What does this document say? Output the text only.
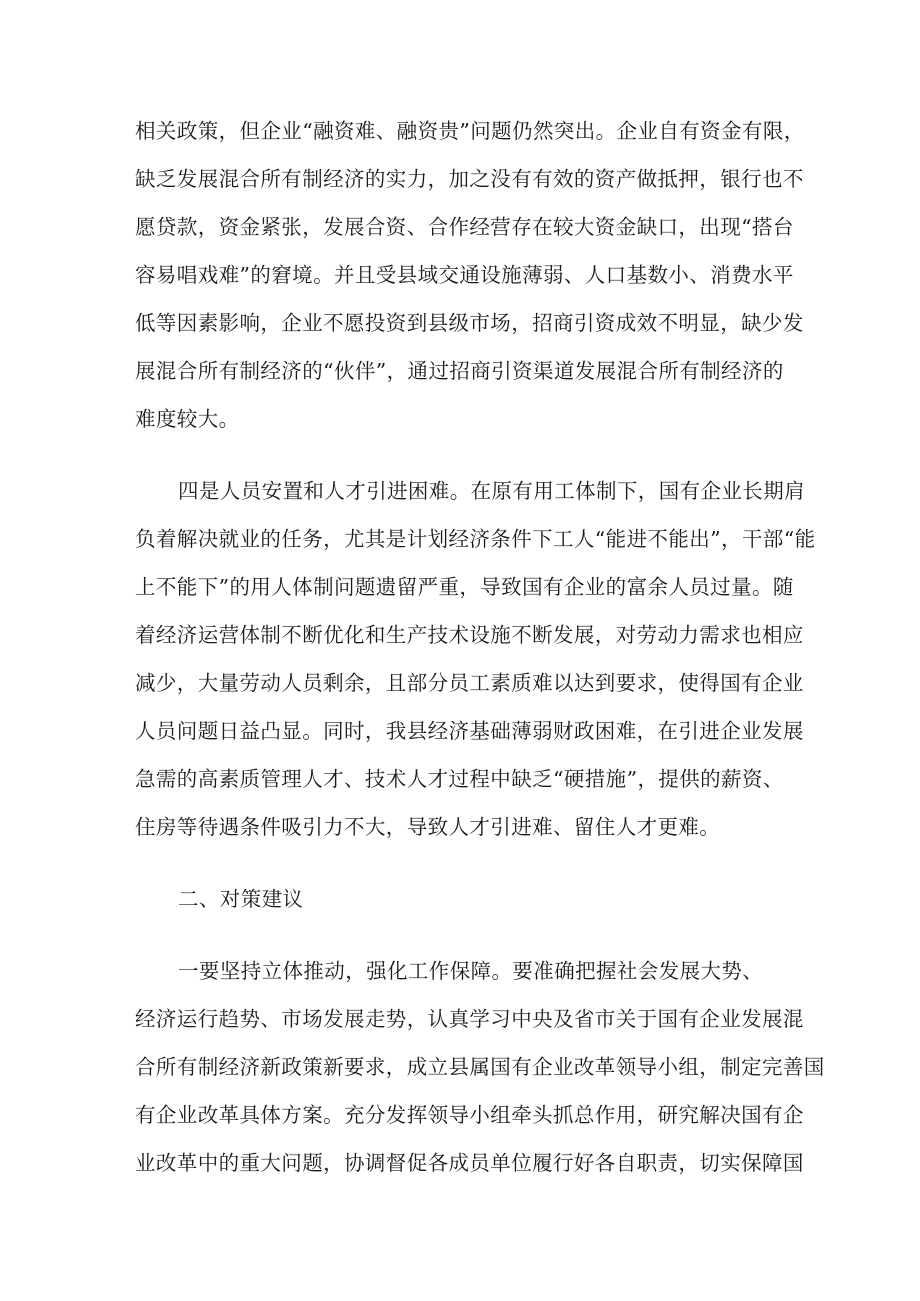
相关政策，但企业“融资难、融资贵”问题仍然突出。企业自有资金有限，
缺乏发展混合所有制经济的实力，加之没有有效的资产做抵押，银行也不
愿贷款，资金紧张，发展合资、合作经营存在较大资金缺口，出现“搭台
容易唱戏难”的窘境。并且受县域交通设施薄弱、人口基数小、消费水平
低等因素影响，企业不愿投资到县级市场，招商引资成效不明显，缺少发
展混合所有制经济的“伙伴”，通过招商引资渠道发展混合所有制经济的
难度较大。
四是人员安置和人才引进困难。在原有用工体制下，国有企业长期肩
负着解决就业的任务，尤其是计划经济条件下工人“能进不能出”，干部“能
上不能下”的用人体制问题遗留严重，导致国有企业的富余人员过量。随
着经济运营体制不断优化和生产技术设施不断发展，对劳动力需求也相应
减少，大量劳动人员剩余，且部分员工素质难以达到要求，使得国有企业
人员问题日益凸显。同时，我县经济基础薄弱财政困难，在引进企业发展
急需的高素质管理人才、技术人才过程中缺乏“硬措施”，提供的薪资、
住房等待遇条件吸引力不大，导致人才引进难、留住人才更难。
二、对策建议
一要坚持立体推动，强化工作保障。要准确把握社会发展大势、
经济运行趋势、市场发展走势，认真学习中央及省市关于国有企业发展混
合所有制经济新政策新要求，成立县属国有企业改革领导小组，制定完善国
有企业改革具体方案。充分发挥领导小组牵头抓总作用，研究解决国有企
业改革中的重大问题，协调督促各成员单位履行好各自职责，切实保障国
